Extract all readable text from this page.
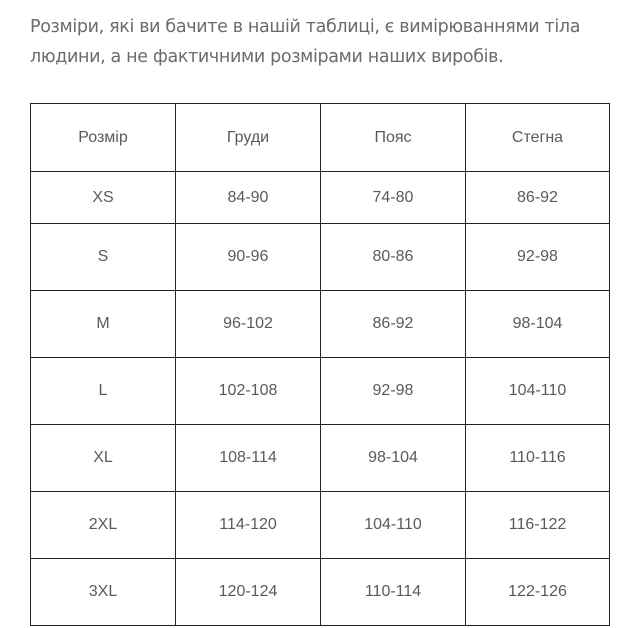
Розміри, які ви бачите в нашій таблиці, є вимірюваннями тіла
людини, а не фактичними розмірами наших виробів.

Розмір	Груди	Пояс	Стегна
XS	84-90	74-80	86-92
S	90-96	80-86	92-98
M	96-102	86-92	98-104
L	102-108	92-98	104-110
XL	108-114	98-104	110-116
2XL	114-120	104-110	116-122
3XL	120-124	110-114	122-126
